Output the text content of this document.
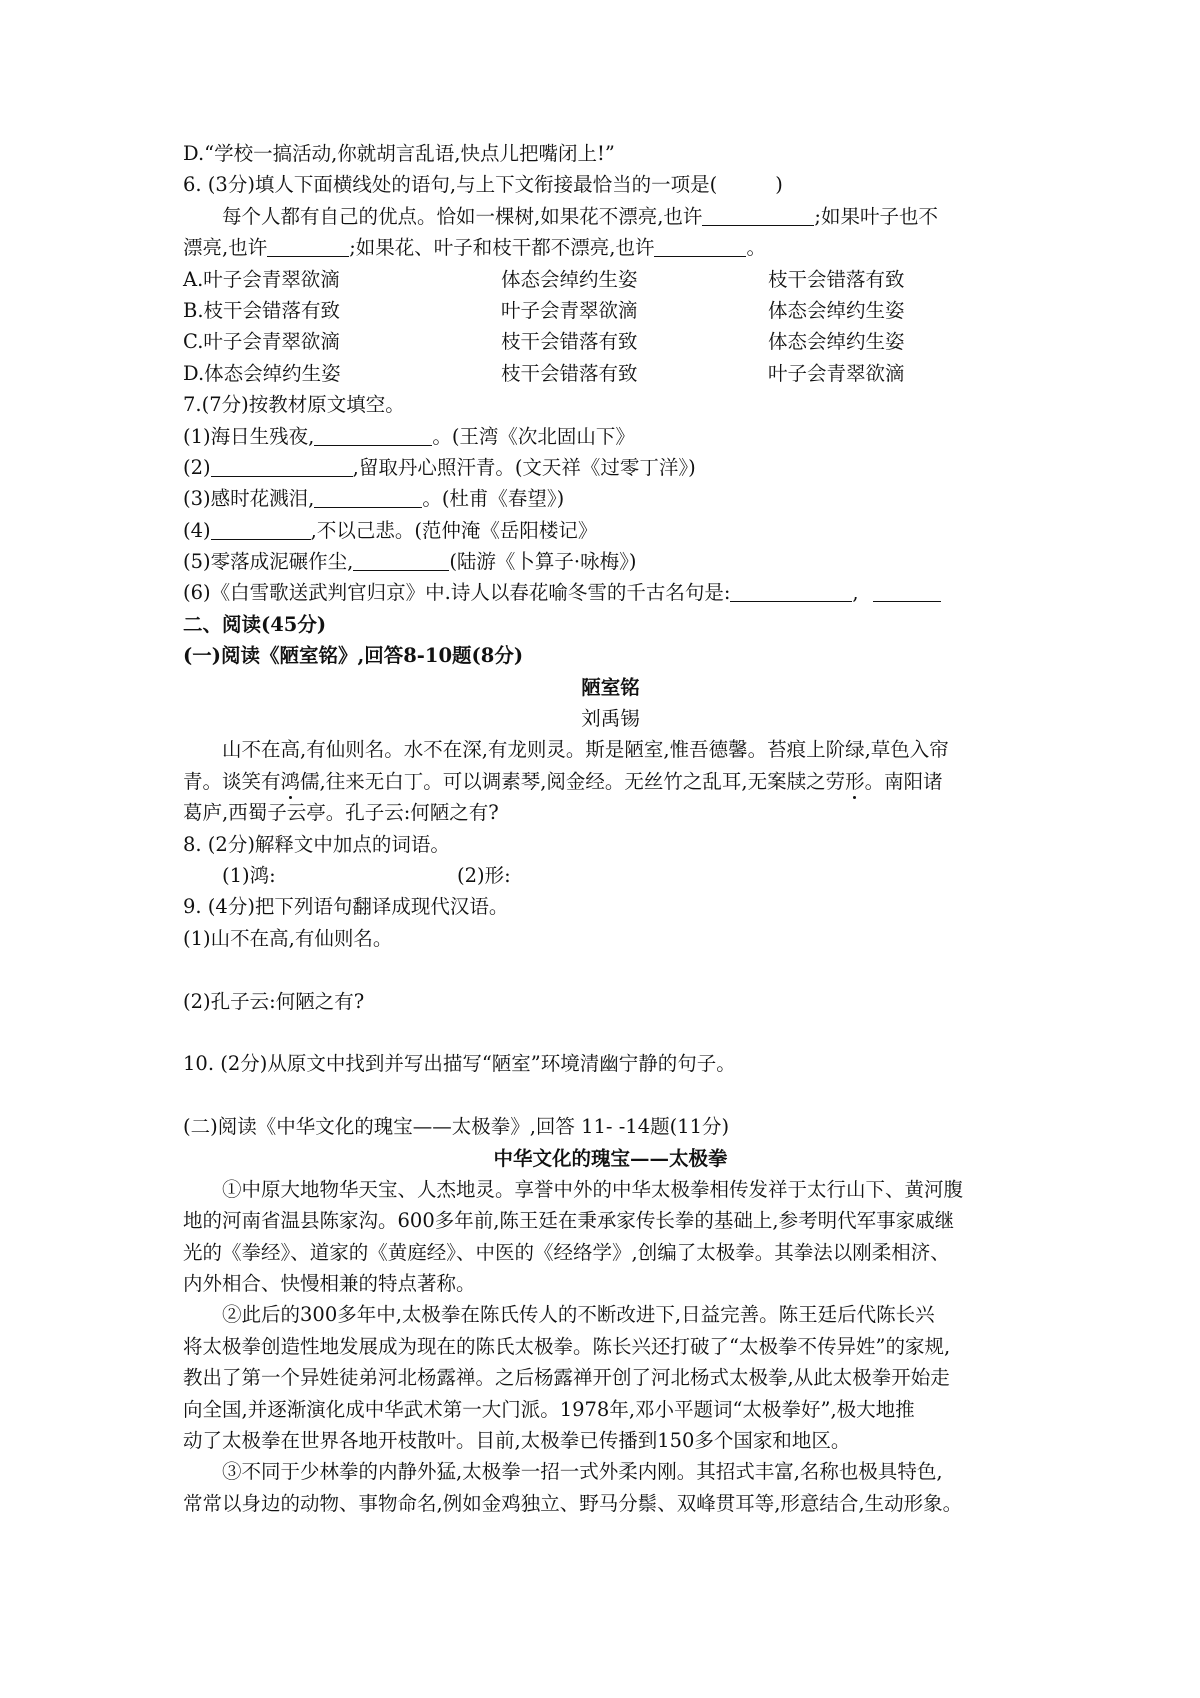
D.“学校一搞活动,你就胡言乱语,快点儿把嘴闭上!”
6. (3分)填人下面横线处的语句,与上下文衔接最恰当的一项是(	)
每个人都有自己的优点。恰如一棵树,如果花不漂亮,也许	;如果叶子也不
漂亮,也许	;如果花、叶子和枝干都不漂亮,也许	。
A.叶子会青翠欲滴	体态会绰约生姿	枝干会错落有致
B.枝干会错落有致	叶子会青翠欲滴	体态会绰约生姿
C.叶子会青翠欲滴	枝干会错落有致	体态会绰约生姿
D.体态会绰约生姿	枝干会错落有致	叶子会青翠欲滴
7.(7分)按教材原文填空。
(1)海日生残夜,	。(王湾《次北固山下》
(2)	,留取丹心照汗青。(文天祥《过零丁洋》)
(3)感时花溅泪,	。(杜甫《春望》)
(4)	,不以己悲。(范仲淹《岳阳楼记》
(5)零落成泥碾作尘,	(陆游《卜算子·咏梅》)
(6)《白雪歌送武判官归京》中.诗人以春花喻冬雪的千古名句是:	,
二、阅读(45分)
(一)阅读《陋室铭》,回答8-10题(8分)
陋室铭
刘禹锡
山不在高,有仙则名。水不在深,有龙则灵。斯是陋室,惟吾德馨。苔痕上阶绿,草色入帘
青。谈笑有鸿儒,往来无白丁。可以调素琴,阅金经。无丝竹之乱耳,无案牍之劳形。南阳诸
葛庐,西蜀子云亭。孔子云:何陋之有?
8. (2分)解释文中加点的词语。
(1)鸿:	(2)形:
9. (4分)把下列语句翻译成现代汉语。
(1)山不在高,有仙则名。
(2)孔子云:何陋之有?
10. (2分)从原文中找到并写出描写“陋室”环境清幽宁静的句子。
(二)阅读《中华文化的瑰宝——太极拳》,回答 11- -14题(11分)
中华文化的瑰宝——太极拳
①中原大地物华天宝、人杰地灵。享誉中外的中华太极拳相传发祥于太行山下、黄河腹
地的河南省温县陈家沟。600多年前,陈王廷在秉承家传长拳的基础上,参考明代军事家戚继
光的《拳经》、道家的《黄庭经》、中医的《经络学》,创编了太极拳。其拳法以刚柔相济、
内外相合、快慢相兼的特点著称。
②此后的300多年中,太极拳在陈氏传人的不断改进下,日益完善。陈王廷后代陈长兴
将太极拳创造性地发展成为现在的陈氏太极拳。陈长兴还打破了“太极拳不传异姓”的家规,
教出了第一个异姓徒弟河北杨露禅。之后杨露禅开创了河北杨式太极拳,从此太极拳开始走
向全国,并逐渐演化成中华武术第一大门派。1978年,邓小平题词“太极拳好”,极大地推
动了太极拳在世界各地开枝散叶。目前,太极拳已传播到150多个国家和地区。
③不同于少林拳的内静外猛,太极拳一招一式外柔内刚。其招式丰富,名称也极具特色,
常常以身边的动物、事物命名,例如金鸡独立、野马分鬃、双峰贯耳等,形意结合,生动形象。
